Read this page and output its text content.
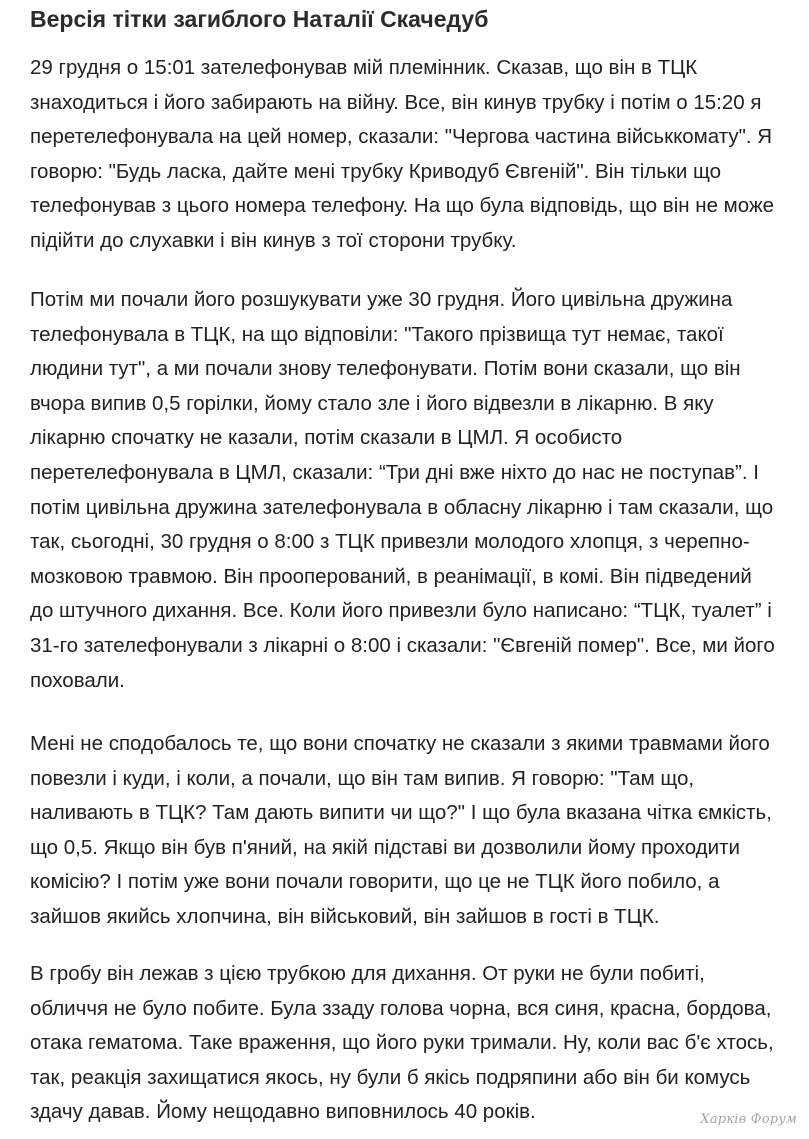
Версія тітки загиблого Наталії Скачедуб
29 грудня о 15:01 зателефонував мій племінник. Сказав, що він в ТЦК
знаходиться і його забирають на війну. Все, він кинув трубку і потім о 15:20 я
перетелефонувала на цей номер, сказали: "Чергова частина військкомату". Я
говорю: "Будь ласка, дайте мені трубку Криводуб Євгеній". Він тільки що
телефонував з цього номера телефону. На що була відповідь, що він не може
підійти до слухавки і він кинув з тої сторони трубку.
Потім ми почали його розшукувати уже 30 грудня. Його цивільна дружина
телефонувала в ТЦК, на що відповіли: "Такого прізвища тут немає, такої
людини тут", а ми почали знову телефонувати. Потім вони сказали, що він
вчора випив 0,5 горілки, йому стало зле і його відвезли в лікарню. В яку
лікарню спочатку не казали, потім сказали в ЦМЛ. Я особисто
перетелефонувала в ЦМЛ, сказали: “Три дні вже ніхто до нас не поступав”. І
потім цивільна дружина зателефонувала в обласну лікарню і там сказали, що
так, сьогодні, 30 грудня о 8:00 з ТЦК привезли молодого хлопця, з черепно-
мозковою травмою. Він прооперований, в реанімації, в комі. Він підведений
до штучного дихання. Все. Коли його привезли було написано: “ТЦК, туалет” і
31-го зателефонували з лікарні о 8:00 і сказали: "Євгеній помер". Все, ми його
поховали.
Мені не сподобалось те, що вони спочатку не сказали з якими травмами його
повезли і куди, і коли, а почали, що він там випив. Я говорю: "Там що,
наливають в ТЦК? Там дають випити чи що?" І що була вказана чітка ємкість,
що 0,5. Якщо він був п'яний, на якій підставі ви дозволили йому проходити
комісію? І потім уже вони почали говорити, що це не ТЦК його побило, а
зайшов якийсь хлопчина, він військовий, він зайшов в гості в ТЦК.
В гробу він лежав з цією трубкою для дихання. От руки не були побиті,
обличчя не було побите. Була ззаду голова чорна, вся синя, красна, бордова,
отака гематома. Таке враження, що його руки тримали. Ну, коли вас б'є хтось,
так, реакція захищатися якось, ну були б якісь подряпини або він би комусь
здачу давав. Йому нещодавно виповнилось 40 років.	Харків Форум
